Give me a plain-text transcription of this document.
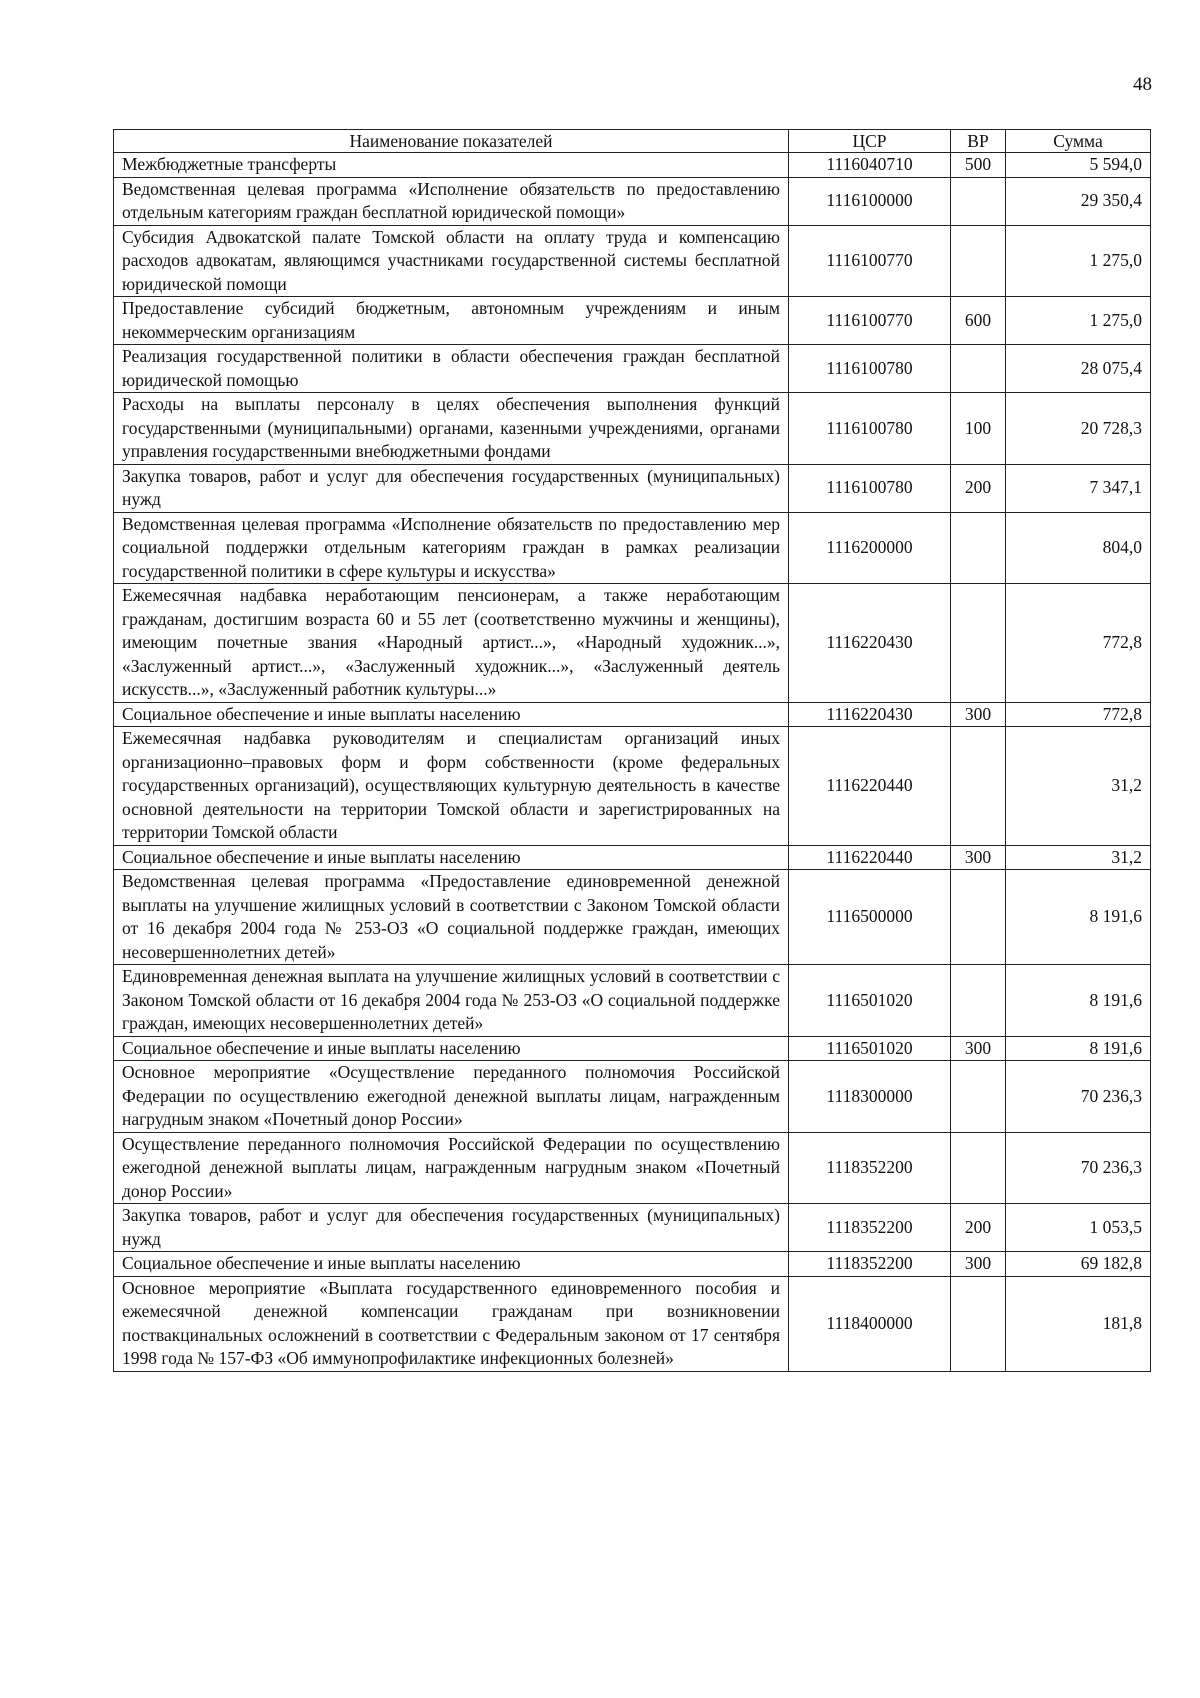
48
Наименование показателей	ЦСР	ВР	Сумма
Межбюджетные трансферты	1116040710	500	5 594,0
Ведомственная целевая программа «Исполнение обязательств по предоставлению отдельным категориям граждан бесплатной юридической помощи»	1116100000		29 350,4
Субсидия Адвокатской палате Томской области на оплату труда и компенсацию расходов адвокатам, являющимся участниками государственной системы бесплатной юридической помощи	1116100770		1 275,0
Предоставление субсидий бюджетным, автономным учреждениям и иным некоммерческим организациям	1116100770	600	1 275,0
Реализация государственной политики в области обеспечения граждан бесплатной юридической помощью	1116100780		28 075,4
Расходы на выплаты персоналу в целях обеспечения выполнения функций государственными (муниципальными) органами, казенными учреждениями, органами управления государственными внебюджетными фондами	1116100780	100	20 728,3
Закупка товаров, работ и услуг для обеспечения государственных (муниципальных) нужд	1116100780	200	7 347,1
Ведомственная целевая программа «Исполнение обязательств по предоставлению мер социальной поддержки отдельным категориям граждан в рамках реализации государственной политики в сфере культуры и искусства»	1116200000		804,0
Ежемесячная надбавка неработающим пенсионерам, а также неработающим гражданам, достигшим возраста 60 и 55 лет (соответственно мужчины и женщины), имеющим почетные звания «Народный артист...», «Народный художник...», «Заслуженный артист...», «Заслуженный художник...», «Заслуженный деятель искусств...», «Заслуженный работник культуры...»	1116220430		772,8
Социальное обеспечение и иные выплаты населению	1116220430	300	772,8
Ежемесячная надбавка руководителям и специалистам организаций иных организационно–правовых форм и форм собственности (кроме федеральных государственных организаций), осуществляющих культурную деятельность в качестве основной деятельности на территории Томской области и зарегистрированных на территории Томской области	1116220440		31,2
Социальное обеспечение и иные выплаты населению	1116220440	300	31,2
Ведомственная целевая программа «Предоставление единовременной денежной выплаты на улучшение жилищных условий в соответствии с Законом Томской области от 16 декабря 2004 года № 253-ОЗ «О социальной поддержке граждан, имеющих несовершеннолетних детей»	1116500000		8 191,6
Единовременная денежная выплата на улучшение жилищных условий в соответствии с Законом Томской области от 16 декабря 2004 года № 253-ОЗ «О социальной поддержке граждан, имеющих несовершеннолетних детей»	1116501020		8 191,6
Социальное обеспечение и иные выплаты населению	1116501020	300	8 191,6
Основное мероприятие «Осуществление переданного полномочия Российской Федерации по осуществлению ежегодной денежной выплаты лицам, награжденным нагрудным знаком «Почетный донор России»	1118300000		70 236,3
Осуществление переданного полномочия Российской Федерации по осуществлению ежегодной денежной выплаты лицам, награжденным нагрудным знаком «Почетный донор России»	1118352200		70 236,3
Закупка товаров, работ и услуг для обеспечения государственных (муниципальных) нужд	1118352200	200	1 053,5
Социальное обеспечение и иные выплаты населению	1118352200	300	69 182,8
Основное мероприятие «Выплата государственного единовременного пособия и ежемесячной денежной компенсации гражданам при возникновении поствакцинальных осложнений в соответствии с Федеральным законом от 17 сентября 1998 года № 157-ФЗ «Об иммунопрофилактике инфекционных болезней»	1118400000		181,8
